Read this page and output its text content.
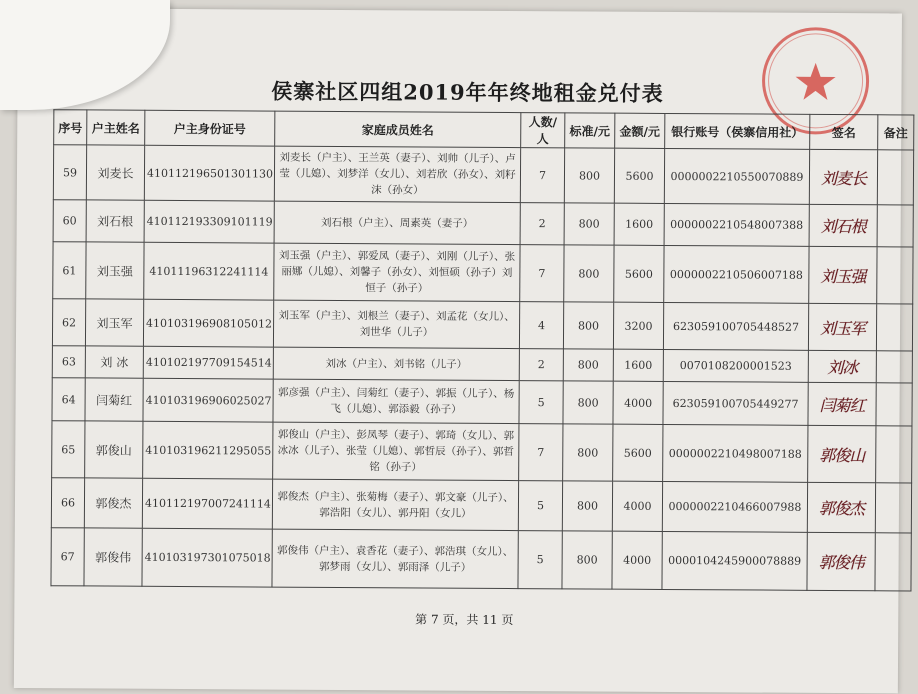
侯寨社区四组2019年年终地租金兑付表
序号	户主姓名	户主身份证号	家庭成员姓名	人数/人	标准/元	金额/元	银行账号（侯寨信用社）	签名	备注
59	刘麦长	410112196501301130	刘麦长（户主）、王兰英（妻子）、刘帅（儿子）、卢莹（儿媳）、刘梦洋（女儿）、刘若欣（孙女）、刘籽沫（孙女）	7	800	5600	0000002210550070889	刘麦长	
60	刘石根	410112193309101119	刘石根（户主）、周素英（妻子）	2	800	1600	0000002210548007388	刘石根	
61	刘玉强	41011196312241114	刘玉强（户主）、郭爱凤（妻子）、刘刚（儿子）、张丽娜（儿媳）、刘馨子（孙女）、刘恒硕（孙子）刘恒子（孙子）	7	800	5600	0000002210506007188	刘玉强	
62	刘玉军	410103196908105012	刘玉军（户主）、刘根兰（妻子）、刘孟花（女儿）、刘世华（儿子）	4	800	3200	623059100705448527	刘玉军	
63	刘 冰	410102197709154514	刘冰（户主）、刘书铭（儿子）	2	800	1600	0070108200001523	刘冰	
64	闫菊红	410103196906025027	郭彦强（户主）、闫菊红（妻子）、郭振（儿子）、杨飞（儿媳）、郭添毅（孙子）	5	800	4000	623059100705449277	闫菊红	
65	郭俊山	410103196211295055	郭俊山（户主）、彭凤琴（妻子）、郭琦（女儿）、郭冰冰（儿子）、张莹（儿媳）、郭哲辰（孙子）、郭哲铭（孙子）	7	800	5600	0000002210498007188	郭俊山	
66	郭俊杰	410112197007241114	郭俊杰（户主）、张菊梅（妻子）、郭文豪（儿子）、郭浩阳（女儿）、郭丹阳（女儿）	5	800	4000	0000002210466007988	郭俊杰	
67	郭俊伟	410103197301075018	郭俊伟（户主）、袁香花（妻子）、郭浩琪（女儿）、郭梦雨（女儿）、郭雨泽（儿子）	5	800	4000	0000104245900078889	郭俊伟	
第 7 页，共 11 页
